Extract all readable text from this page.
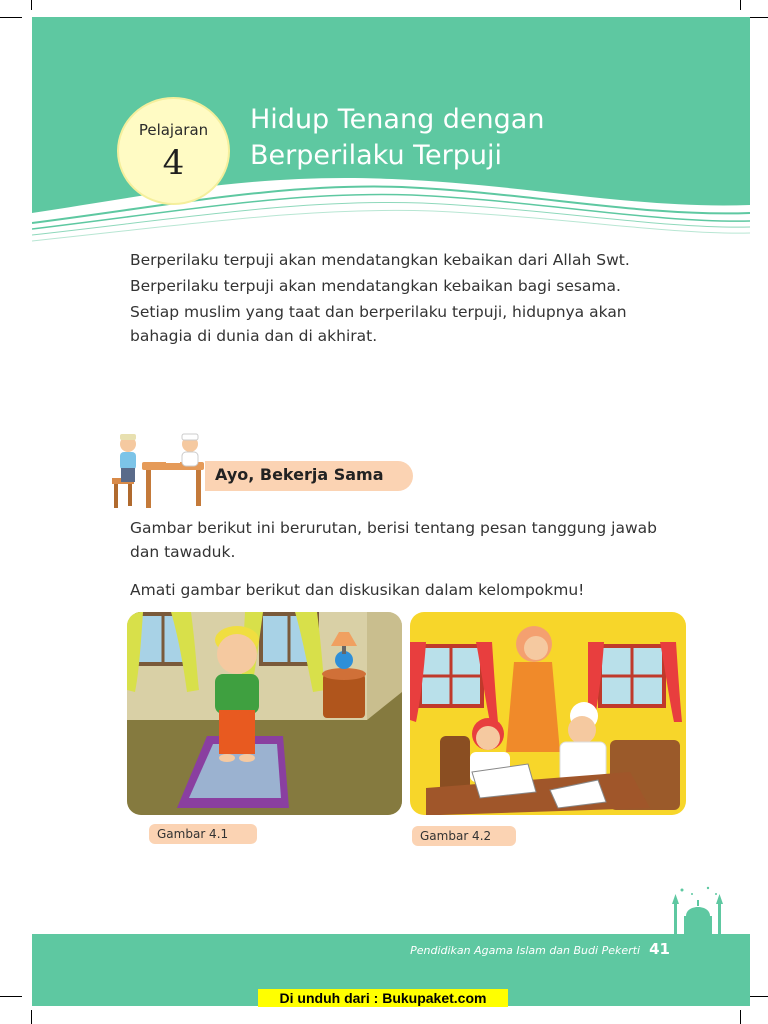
Pelajaran
4
Hidup Tenang dengan
Berperilaku Terpuji

Berperilaku terpuji akan mendatangkan kebaikan dari Allah Swt.

Berperilaku terpuji akan mendatangkan kebaikan bagi sesama.

Setiap muslim yang taat dan berperilaku terpuji, hidupnya akan bahagia di dunia dan di akhirat.

Ayo, Bekerja Sama

Gambar berikut ini berurutan, berisi tentang pesan tanggung jawab dan tawaduk.

Amati gambar berikut dan diskusikan dalam kelompokmu!

Gambar 4.1	Gambar 4.2
Pendidikan Agama Islam dan Budi Pekerti 41
Di unduh dari : Bukupaket.com
